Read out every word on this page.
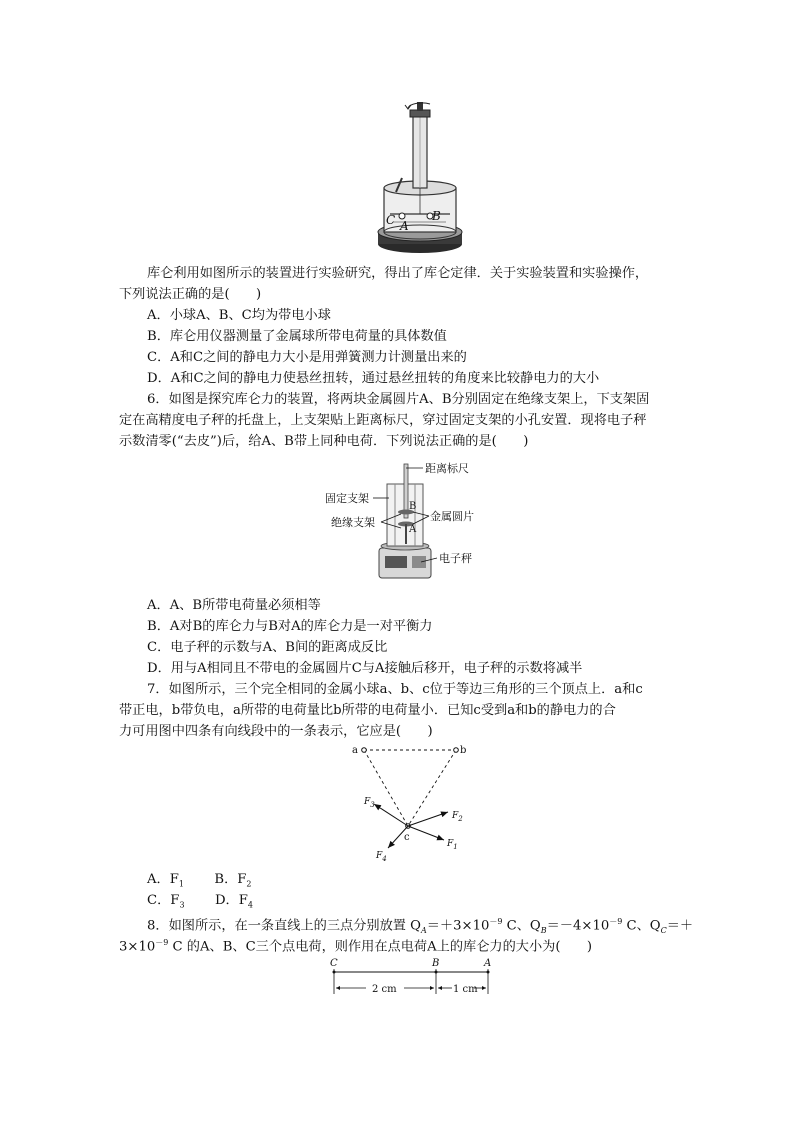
C A
B
库仑利用如图所示的装置进行实验研究，得出了库仑定律．关于实验装置和实验操作，
下列说法正确的是(　　)
A．小球A、B、C均为带电小球
B．库仑用仪器测量了金属球所带电荷量的具体数值
C．A和C之间的静电力大小是用弹簧测力计测量出来的
D．A和C之间的静电力使悬丝扭转，通过悬丝扭转的角度来比较静电力的大小
6．如图是探究库仑力的装置，将两块金属圆片A、B分别固定在绝缘支架上，下支架固
定在高精度电子秤的托盘上，上支架贴上距离标尺，穿过固定支架的小孔安置．现将电子秤
示数清零(“去皮”)后，给A、B带上同种电荷．下列说法正确的是(　　)
距离标尺
固定支架
绝缘支架	金属圆片
电子秤
B
A
A．A、B所带电荷量必须相等
B．A对B的库仑力与B对A的库仑力是一对平衡力
C．电子秤的示数与A、B间的距离成反比
D．用与A相同且不带电的金属圆片C与A接触后移开，电子秤的示数将减半
7．如图所示，三个完全相同的金属小球a、b、c位于等边三角形的三个顶点上．a和c
带正电，b带负电，a所带的电荷量比b所带的电荷量小．已知c受到a和b的静电力的合
力可用图中四条有向线段中的一条表示，它应是(　　)
a	b
c
$F_3$
$F_2$
$F_1$
$F_4$
A．$F_1$ B．$F_2$
C．$F_3$ D．$F_4$
8．如图所示，在一条直线上的三点分别放置 $Q_A=+3\times 10^{-9}$ C、$Q_B=-4\times 10^{-9}$ C、$Q_C=+$
$3\times 10^{-9}$ C 的A、B、C三个点电荷，则作用在点电荷A上的库仑力的大小为(　　)
C	B	A
2 cm	1 cm
